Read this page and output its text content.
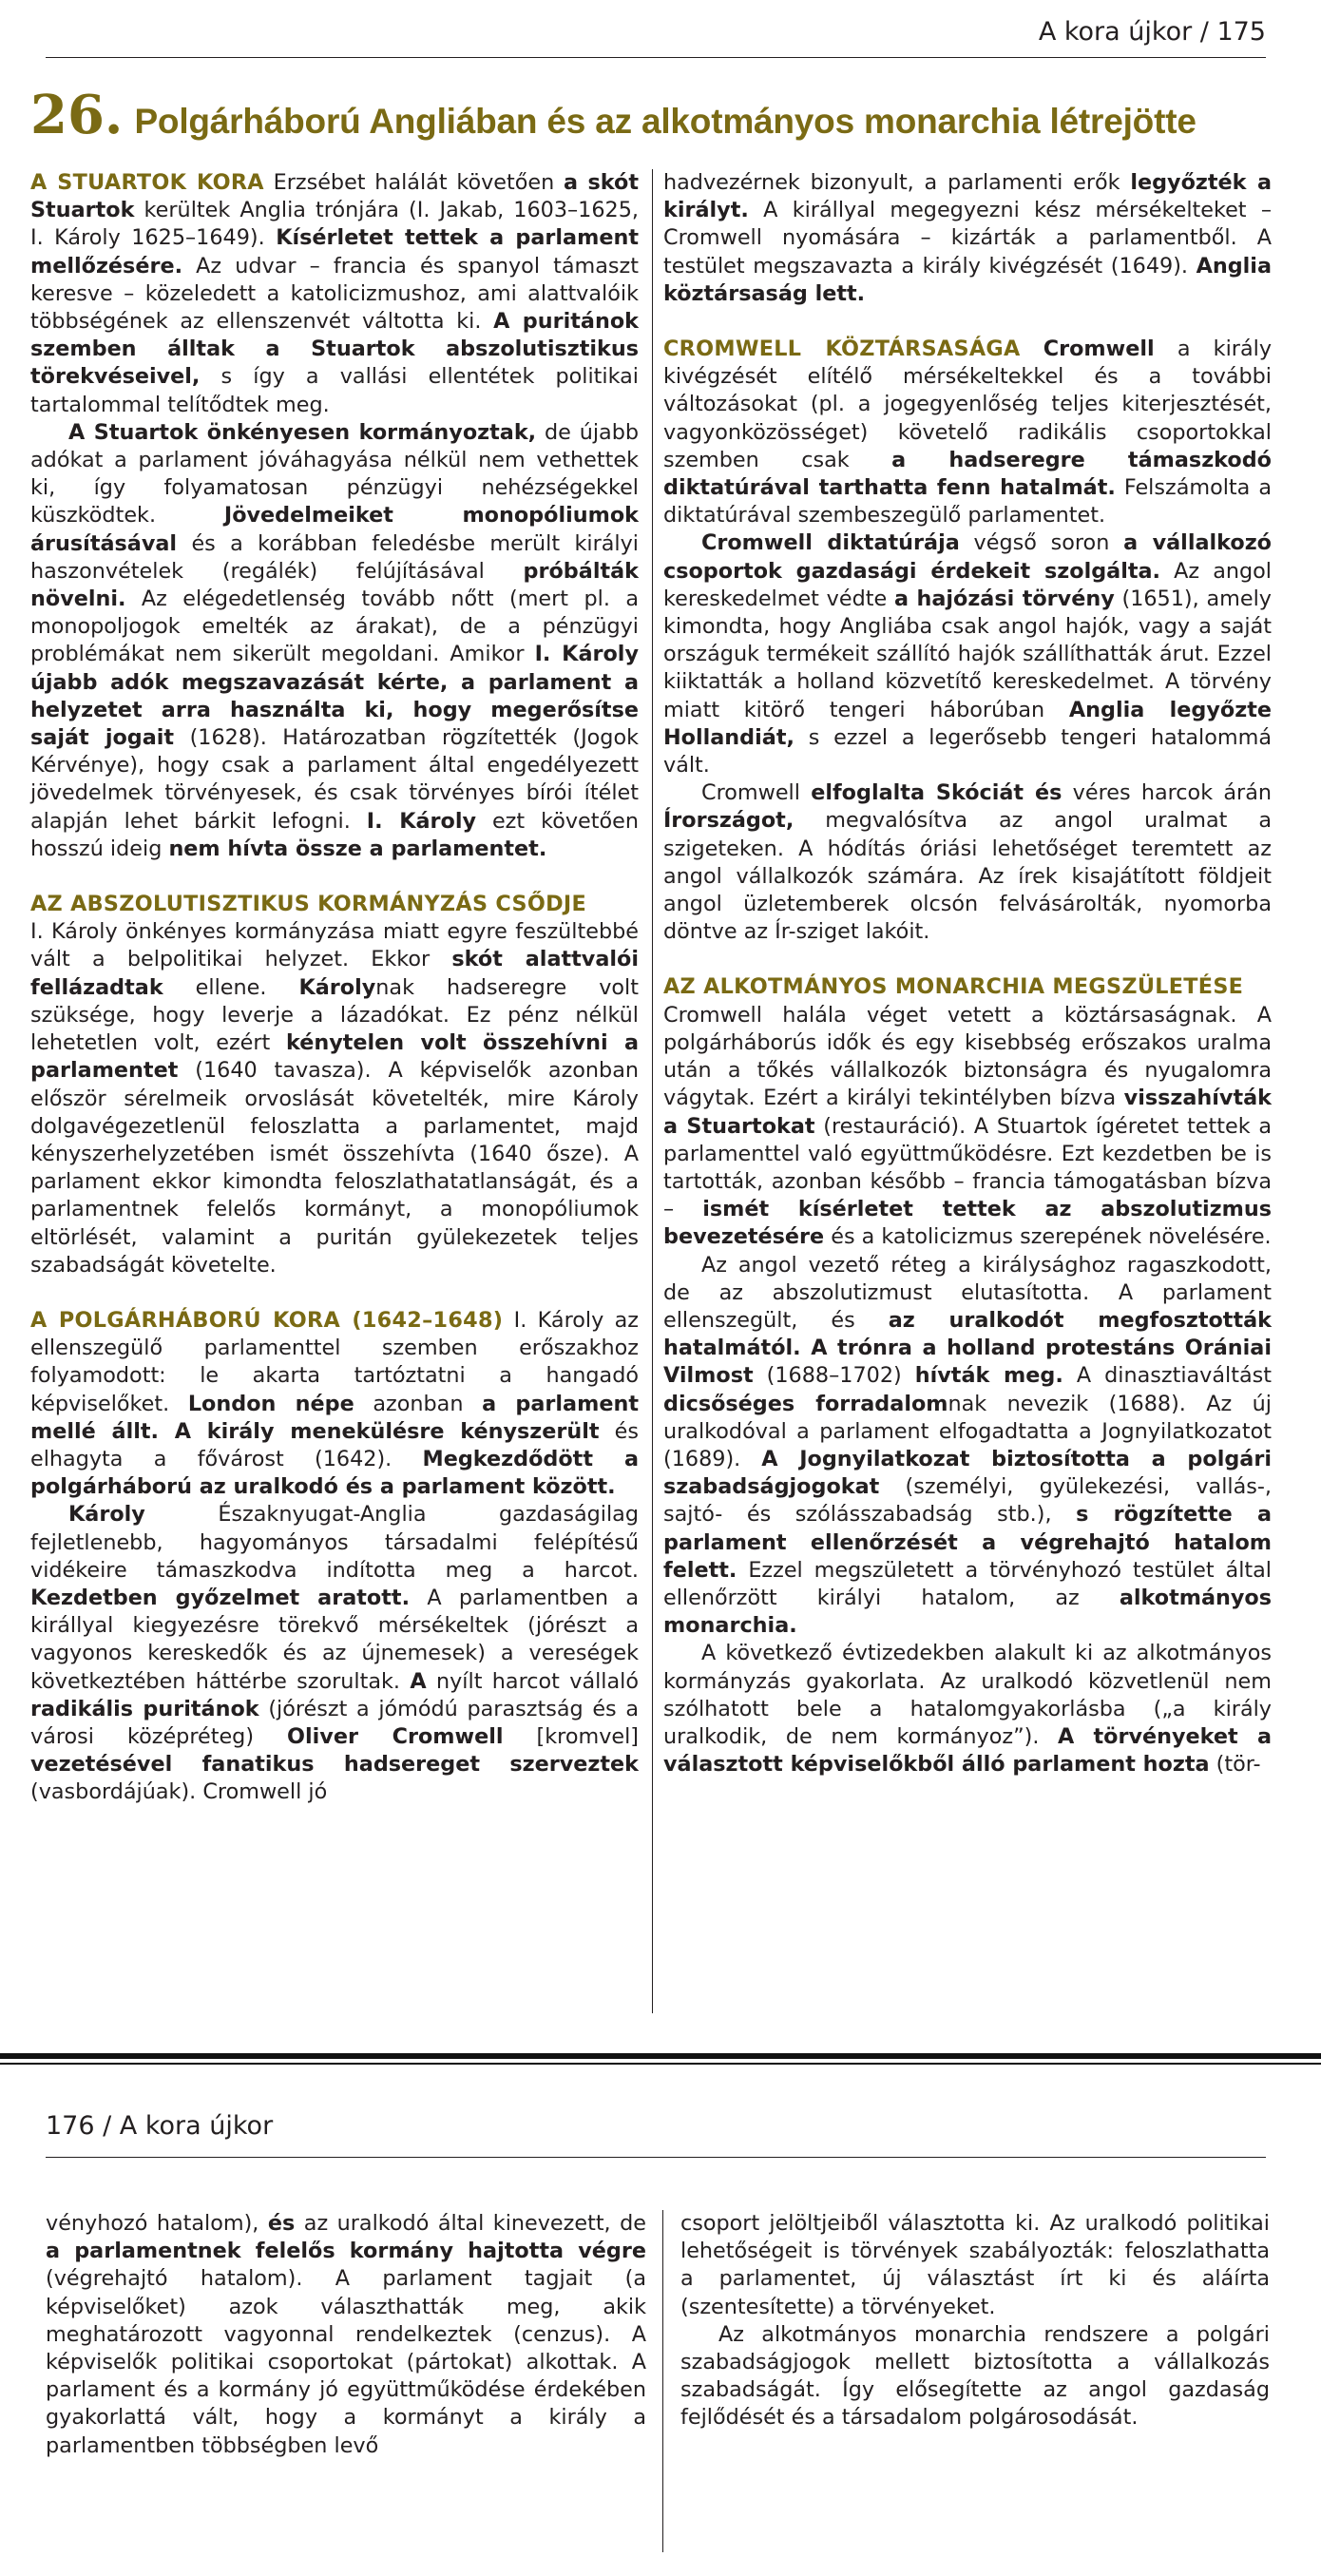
A kora újkor / 175
26. Polgárháború Angliában és az alkotmányos monarchia létrejötte

A STUARTOK KORA Erzsébet halálát követően a skót Stuartok kerültek Anglia trónjára (I. Jakab, 1603–1625, I. Károly 1625–1649). Kísérletet tettek a parlament mellőzésére. Az udvar – francia és spanyol támaszt keresve – közeledett a katolicizmushoz, ami alattvalóik többségének az ellenszenvét váltotta ki. A puritánok szemben álltak a Stuartok abszolutisztikus törekvéseivel, s így a vallási ellentétek politikai tartalommal telítődtek meg.

A Stuartok önkényesen kormányoztak, de újabb adókat a parlament jóváhagyása nélkül nem vethettek ki, így folyamatosan pénzügyi nehézségekkel küszködtek. Jövedelmeiket monopóliumok árusításával és a korábban feledésbe merült királyi haszonvételek (regálék) felújításával próbálták növelni. Az elégedetlenség tovább nőtt (mert pl. a monopoljogok emelték az árakat), de a pénzügyi problémákat nem sikerült megoldani. Amikor I. Károly újabb adók megszavazását kérte, a parlament a helyzetet arra használta ki, hogy megerősítse saját jogait (1628). Határozatban rögzítették (Jogok Kérvénye), hogy csak a parlament által engedélyezett jövedelmek törvényesek, és csak törvényes bírói ítélet alapján lehet bárkit lefogni. I. Károly ezt követően hosszú ideig nem hívta össze a parlamentet.

AZ ABSZOLUTISZTIKUS KORMÁNYZÁS CSŐDJE
I. Károly önkényes kormányzása miatt egyre feszültebbé vált a belpolitikai helyzet. Ekkor skót alattvalói fellázadtak ellene. Károlynak hadseregre volt szüksége, hogy leverje a lázadókat. Ez pénz nélkül lehetetlen volt, ezért kénytelen volt összehívni a parlamentet (1640 tavasza). A képviselők azonban először sérelmeik orvoslását követelték, mire Károly dolgavégezetlenül feloszlatta a parlamentet, majd kényszerhelyzetében ismét összehívta (1640 ősze). A parlament ekkor kimondta feloszlathatatlanságát, és a parlamentnek felelős kormányt, a monopóliumok eltörlését, valamint a puritán gyülekezetek teljes szabadságát követelte.

A POLGÁRHÁBORÚ KORA (1642–1648) I. Károly az ellenszegülő parlamenttel szemben erőszakhoz folyamodott: le akarta tartóztatni a hangadó képviselőket. London népe azonban a parlament mellé állt. A király menekülésre kényszerült és elhagyta a fővárost (1642). Megkezdődött a polgárháború az uralkodó és a parlament között.

Károly Északnyugat-Anglia gazdaságilag fejletlenebb, hagyományos társadalmi felépítésű vidékeire támaszkodva indította meg a harcot. Kezdetben győzelmet aratott. A parlamentben a királlyal kiegyezésre törekvő mérsékeltek (jórészt a vagyonos kereskedők és az újnemesek) a vereségek következtében háttérbe szorultak. A nyílt harcot vállaló radikális puritánok (jórészt a jómódú parasztság és a városi középréteg) Oliver Cromwell [kromvel] vezetésével fanatikus hadsereget szerveztek (vasbordájúak). Cromwell jó

hadvezérnek bizonyult, a parlamenti erők legyőzték a királyt. A királlyal megegyezni kész mérsékelteket – Cromwell nyomására – kizárták a parlamentből. A testület megszavazta a király kivégzését (1649). Anglia köztársaság lett.

CROMWELL KÖZTÁRSASÁGA Cromwell a király kivégzését elítélő mérsékeltekkel és a további változásokat (pl. a jogegyenlőség teljes kiterjesztését, vagyonközösséget) követelő radikális csoportokkal szemben csak a hadseregre támaszkodó diktatúrával tarthatta fenn hatalmát. Felszámolta a diktatúrával szembeszegülő parlamentet.

Cromwell diktatúrája végső soron a vállalkozó csoportok gazdasági érdekeit szolgálta. Az angol kereskedelmet védte a hajózási törvény (1651), amely kimondta, hogy Angliába csak angol hajók, vagy a saját országuk termékeit szállító hajók szállíthatták árut. Ezzel kiiktatták a holland közvetítő kereskedelmet. A törvény miatt kitörő tengeri háborúban Anglia legyőzte Hollandiát, s ezzel a legerősebb tengeri hatalommá vált.

Cromwell elfoglalta Skóciát és véres harcok árán Írországot, megvalósítva az angol uralmat a szigeteken. A hódítás óriási lehetőséget teremtett az angol vállalkozók számára. Az írek kisajátított földjeit angol üzletemberek olcsón felvásárolták, nyomorba döntve az Ír-sziget lakóit.

AZ ALKOTMÁNYOS MONARCHIA MEGSZÜLETÉSE
Cromwell halála véget vetett a köztársaságnak. A polgárháborús idők és egy kisebbség erőszakos uralma után a tőkés vállalkozók biztonságra és nyugalomra vágytak. Ezért a királyi tekintélyben bízva visszahívták a Stuartokat (restauráció). A Stuartok ígéretet tettek a parlamenttel való együttműködésre. Ezt kezdetben be is tartották, azonban később – francia támogatásban bízva – ismét kísérletet tettek az abszolutizmus bevezetésére és a katolicizmus szerepének növelésére.

Az angol vezető réteg a királysághoz ragaszkodott, de az abszolutizmust elutasította. A parlament ellenszegült, és az uralkodót megfosztották hatalmától. A trónra a holland protestáns Orániai Vilmost (1688–1702) hívták meg. A dinasztiaváltást dicsőséges forradalomnak nevezik (1688). Az új uralkodóval a parlament elfogadtatta a Jognyilatkozatot (1689). A Jognyilatkozat biztosította a polgári szabadságjogokat (személyi, gyülekezési, vallás-, sajtó- és szólásszabadság stb.), s rögzítette a parlament ellenőrzését a végrehajtó hatalom felett. Ezzel megszületett a törvényhozó testület által ellenőrzött királyi hatalom, az alkotmányos monarchia.

A következő évtizedekben alakult ki az alkotmányos kormányzás gyakorlata. Az uralkodó közvetlenül nem szólhatott bele a hatalomgyakorlásba („a király uralkodik, de nem kormányoz”). A törvényeket a választott képviselőkből álló parlament hozta (tör-

176 / A kora újkor

vényhozó hatalom), és az uralkodó által kinevezett, de a parlamentnek felelős kormány hajtotta végre (végrehajtó hatalom). A parlament tagjait (a képviselőket) azok választhatták meg, akik meghatározott vagyonnal rendelkeztek (cenzus). A képviselők politikai csoportokat (pártokat) alkottak. A parlament és a kormány jó együttműködése érdekében gyakorlattá vált, hogy a kormányt a király a parlamentben többségben levő

csoport jelöltjeiből választotta ki. Az uralkodó politikai lehetőségeit is törvények szabályozták: feloszlathatta a parlamentet, új választást írt ki és aláírta (szentesítette) a törvényeket.

Az alkotmányos monarchia rendszere a polgári szabadságjogok mellett biztosította a vállalkozás szabadságát. Így elősegítette az angol gazdaság fejlődését és a társadalom polgárosodását.
